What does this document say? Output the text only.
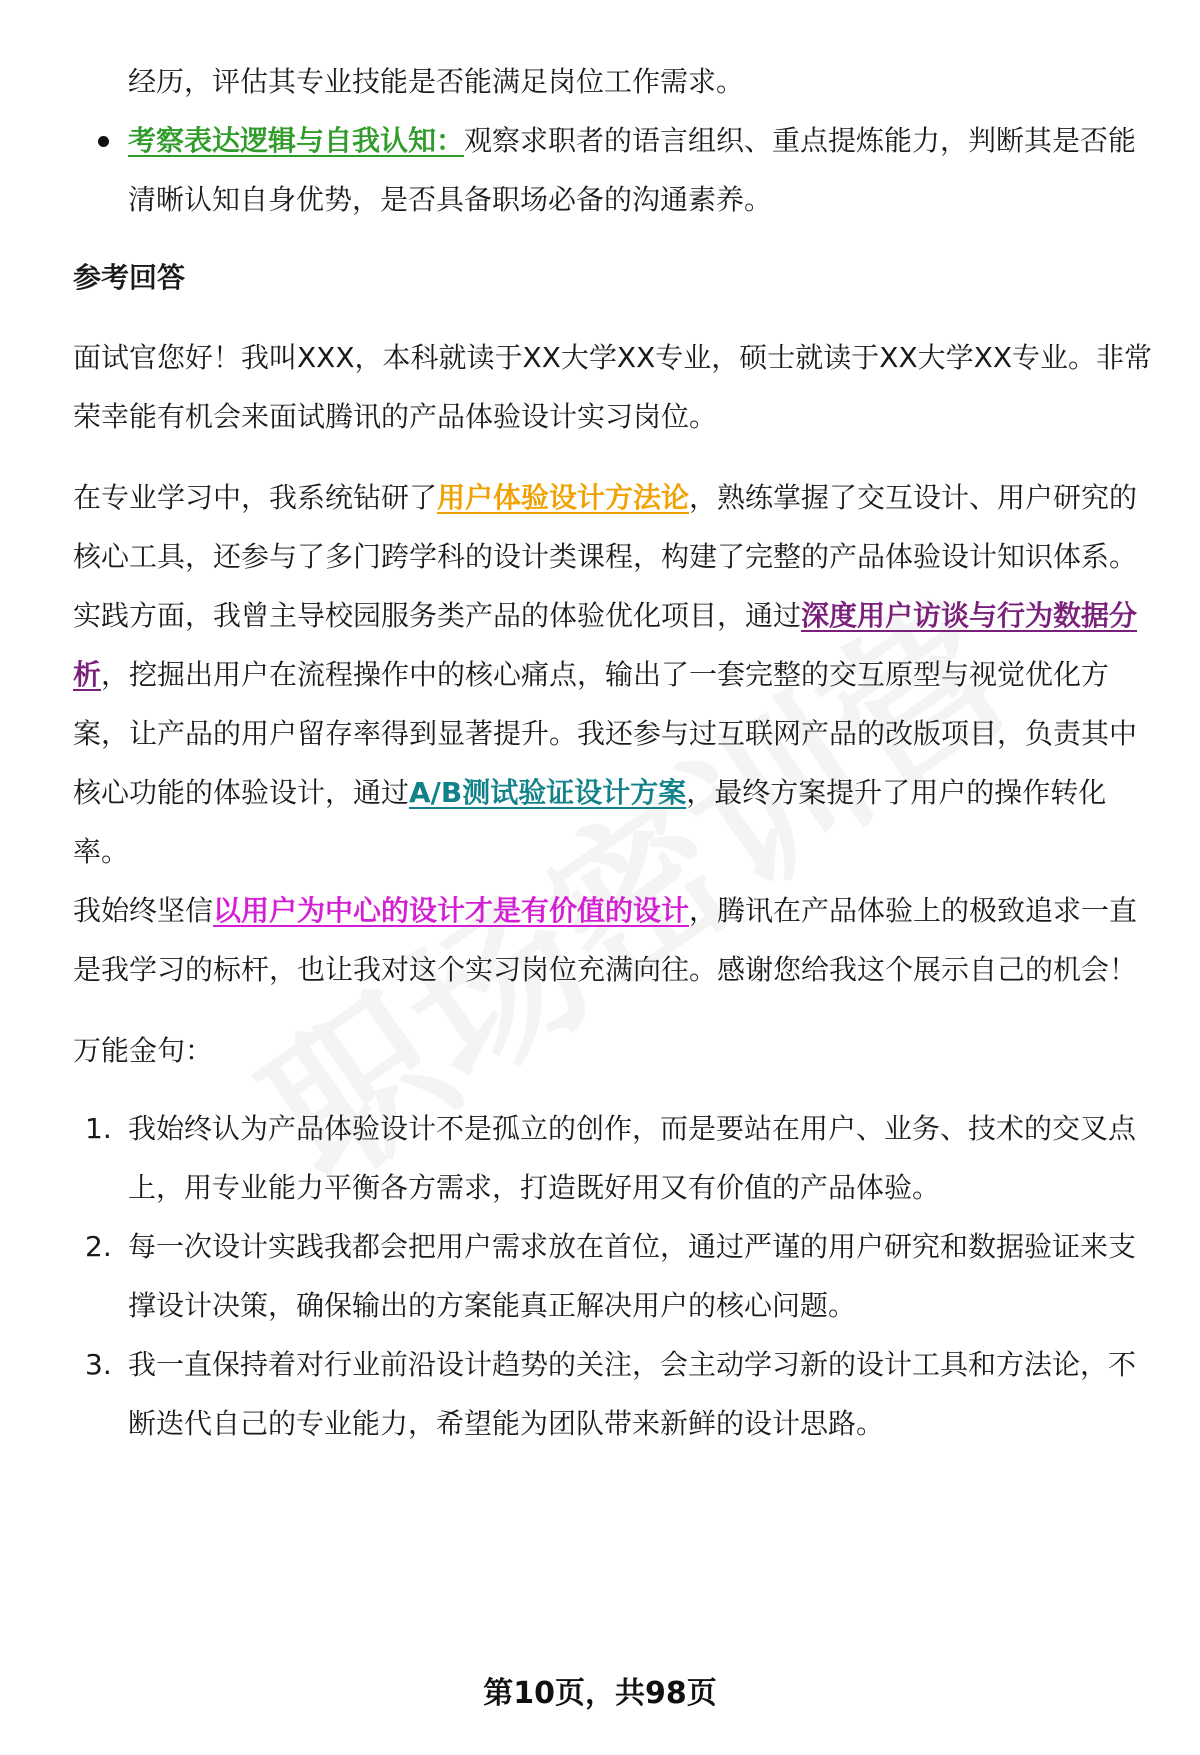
经历，评估其专业技能是否能满足岗位工作需求。

考察表达逻辑与自我认知：观察求职者的语言组织、重点提炼能力，判断其是否能清晰认知自身优势，是否具备职场必备的沟通素养。
参考回答

面试官您好！我叫XXX，本科就读于XX大学XX专业，硕士就读于XX大学XX专业。非常荣幸能有机会来面试腾讯的产品体验设计实习岗位。

在专业学习中，我系统钻研了用户体验设计方法论，熟练掌握了交互设计、用户研究的核心工具，还参与了多门跨学科的设计类课程，构建了完整的产品体验设计知识体系。

实践方面，我曾主导校园服务类产品的体验优化项目，通过深度用户访谈与行为数据分析，挖掘出用户在流程操作中的核心痛点，输出了一套完整的交互原型与视觉优化方案，让产品的用户留存率得到显著提升。我还参与过互联网产品的改版项目，负责其中核心功能的体验设计，通过A/B测试验证设计方案，最终方案提升了用户的操作转化率。

我始终坚信以用户为中心的设计才是有价值的设计，腾讯在产品体验上的极致追求一直是我学习的标杆，也让我对这个实习岗位充满向往。感谢您给我这个展示自己的机会！

万能金句：

1. 我始终认为产品体验设计不是孤立的创作，而是要站在用户、业务、技术的交叉点上，用专业能力平衡各方需求，打造既好用又有价值的产品体验。
2. 每一次设计实践我都会把用户需求放在首位，通过严谨的用户研究和数据验证来支撑设计决策，确保输出的方案能真正解决用户的核心问题。
3. 我一直保持着对行业前沿设计趋势的关注，会主动学习新的设计工具和方法论，不断迭代自己的专业能力，希望能为团队带来新鲜的设计思路。
第10页，共98页
